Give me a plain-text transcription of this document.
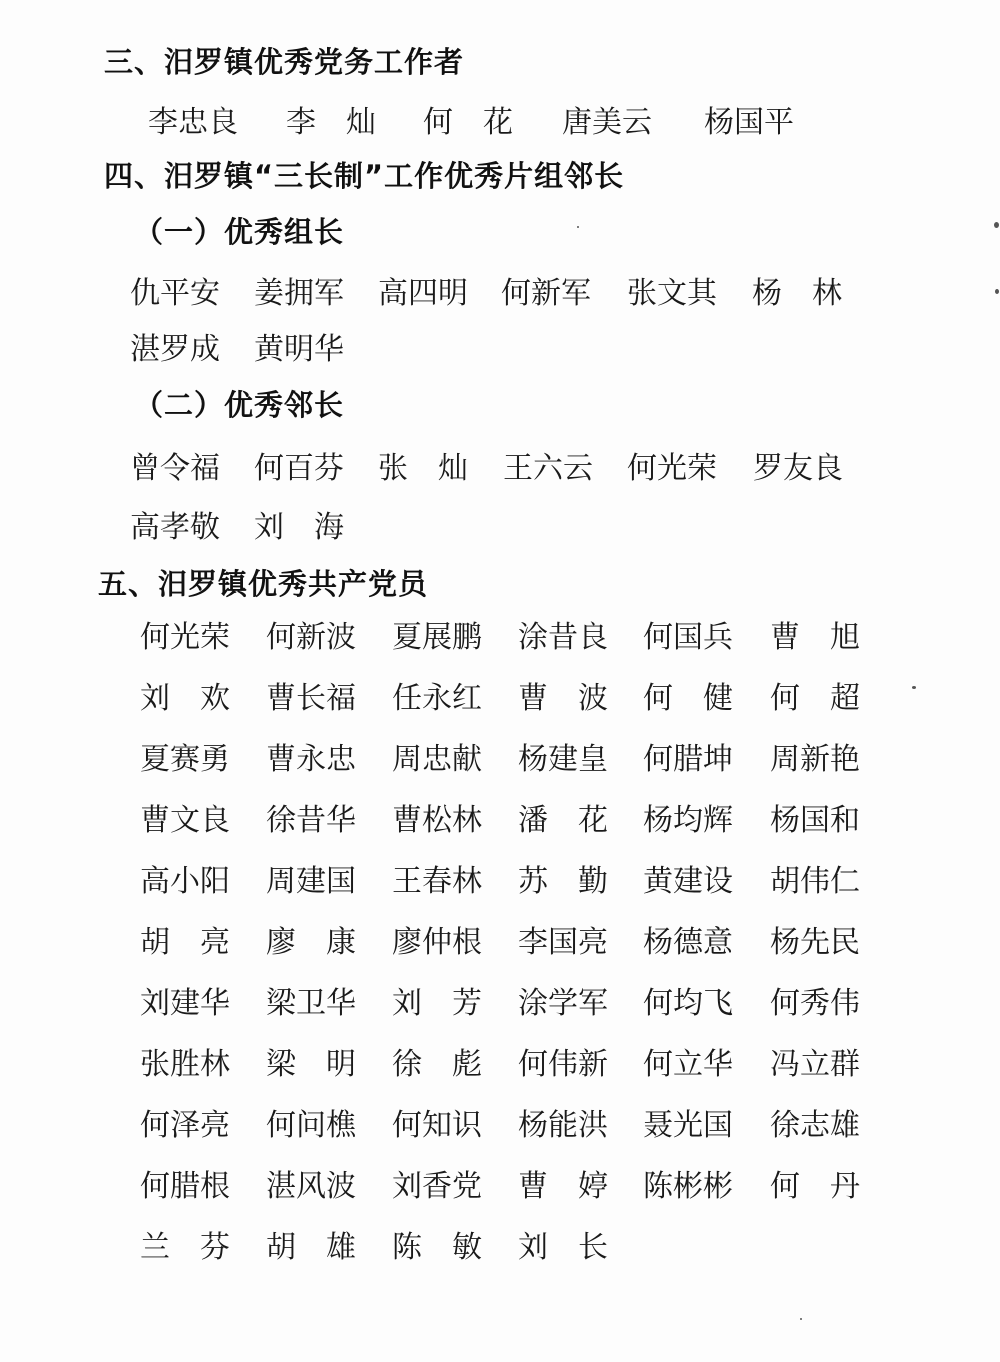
三、汨罗镇优秀党务工作者
李忠良 李　灿 何　花 唐美云 杨国平
四、汨罗镇“三长制”工作优秀片组邻长
（一）优秀组长
仇平安 姜拥军 高四明 何新军 张文其 杨　林
湛罗成 黄明华
（二）优秀邻长
曾令福 何百芬 张　灿 王六云 何光荣 罗友良
高孝敬 刘　海
五、汨罗镇优秀共产党员
何光荣	何新波	夏展鹏	涂昔良	何国兵	曹　旭
刘　欢	曹长福	任永红	曹　波	何　健	何　超
夏赛勇	曹永忠	周忠献	杨建皇	何腊坤	周新艳
曹文良	徐昔华	曹松林	潘　花	杨均辉	杨国和
高小阳	周建国	王春林	苏　勤	黄建设	胡伟仁
胡　亮	廖　康	廖仲根	李国亮	杨德意	杨先民
刘建华	梁卫华	刘　芳	涂学军	何均飞	何秀伟
张胜林	梁　明	徐　彪	何伟新	何立华	冯立群
何泽亮	何问樵	何知识	杨能洪	聂光国	徐志雄
何腊根	湛风波	刘香党	曹　婷	陈彬彬	何　丹
兰　芬	胡　雄	陈　敏	刘　长
